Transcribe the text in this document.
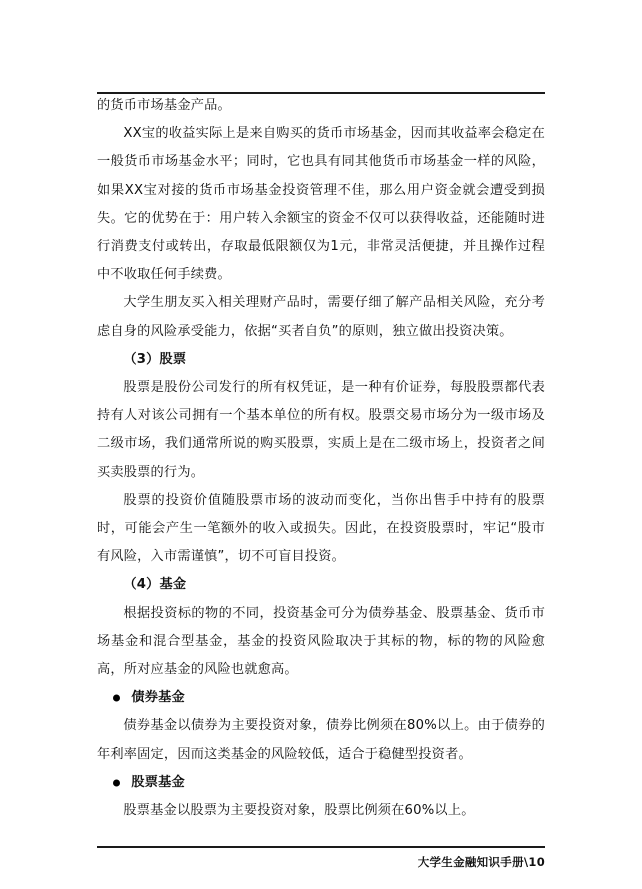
的货币市场基金产品。

XX宝的收益实际上是来自购买的货币市场基金，因而其收益率会稳定在一般货币市场基金水平；同时，它也具有同其他货币市场基金一样的风险，如果XX宝对接的货币市场基金投资管理不佳，那么用户资金就会遭受到损失。它的优势在于：用户转入余额宝的资金不仅可以获得收益，还能随时进行消费支付或转出，存取最低限额仅为1元，非常灵活便捷，并且操作过程中不收取任何手续费。

大学生朋友买入相关理财产品时，需要仔细了解产品相关风险，充分考虑自身的风险承受能力，依据“买者自负”的原则，独立做出投资决策。

（3）股票

股票是股份公司发行的所有权凭证，是一种有价证券，每股股票都代表持有人对该公司拥有一个基本单位的所有权。股票交易市场分为一级市场及二级市场，我们通常所说的购买股票，实质上是在二级市场上，投资者之间买卖股票的行为。

股票的投资价值随股票市场的波动而变化，当你出售手中持有的股票时，可能会产生一笔额外的收入或损失。因此，在投资股票时，牢记“股市有风险，入市需谨慎”，切不可盲目投资。

（4）基金

根据投资标的物的不同，投资基金可分为债券基金、股票基金、货币市场基金和混合型基金，基金的投资风险取决于其标的物，标的物的风险愈高，所对应基金的风险也就愈高。

债券基金

债券基金以债券为主要投资对象，债券比例须在80%以上。由于债券的年利率固定，因而这类基金的风险较低，适合于稳健型投资者。

股票基金

股票基金以股票为主要投资对象，股票比例须在60%以上。

大学生金融知识手册\10
